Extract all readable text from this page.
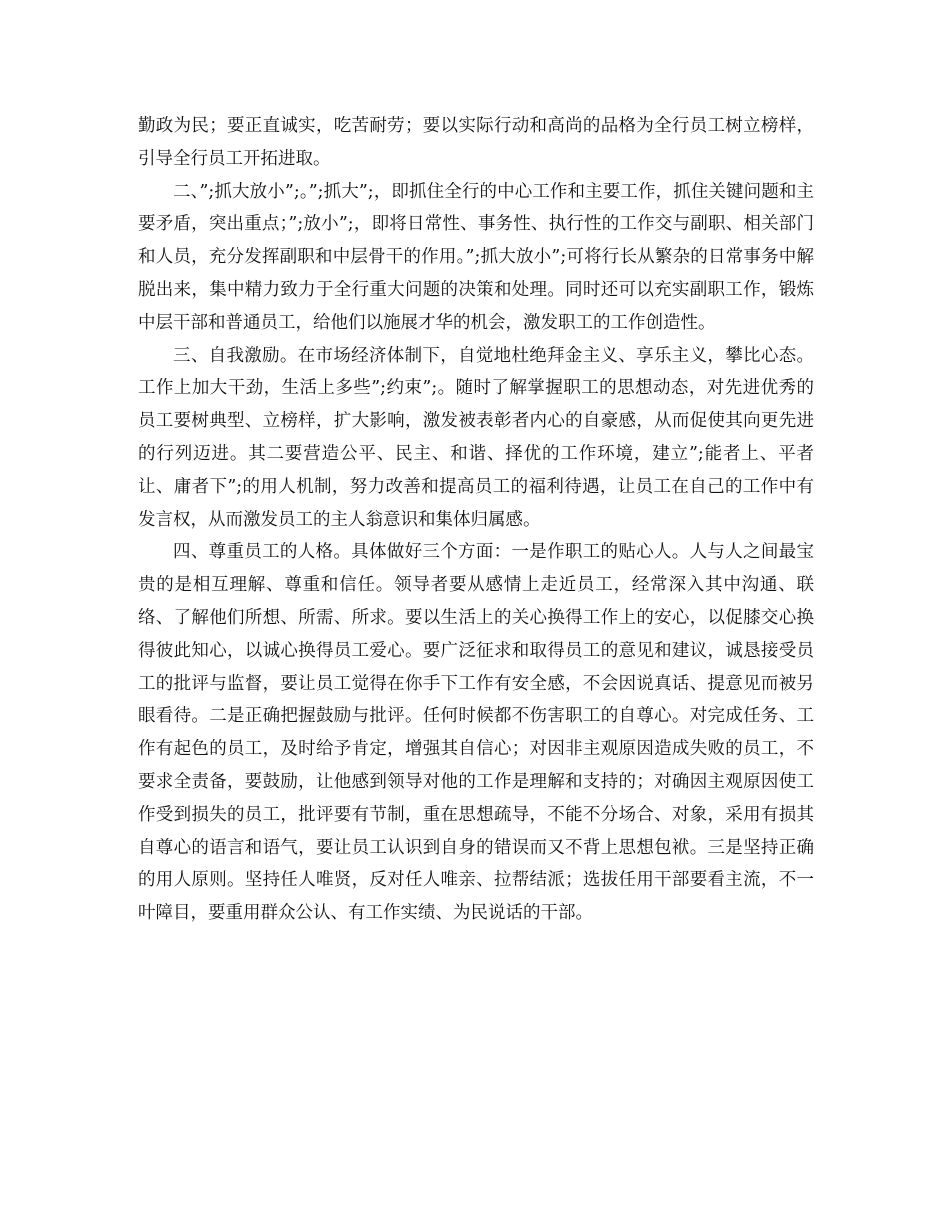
勤政为民；要正直诚实，吃苦耐劳；要以实际行动和高尚的品格为全行员工树立榜样，引导全行员工开拓进取。

二、”;抓大放小”;。”;抓大”;，即抓住全行的中心工作和主要工作，抓住关键问题和主要矛盾，突出重点；”;放小”;，即将日常性、事务性、执行性的工作交与副职、相关部门和人员，充分发挥副职和中层骨干的作用。”;抓大放小”;可将行长从繁杂的日常事务中解脱出来，集中精力致力于全行重大问题的决策和处理。同时还可以充实副职工作，锻炼中层干部和普通员工，给他们以施展才华的机会，激发职工的工作创造性。

三、自我激励。在市场经济体制下，自觉地杜绝拜金主义、享乐主义，攀比心态。工作上加大干劲，生活上多些”;约束”;。随时了解掌握职工的思想动态，对先进优秀的员工要树典型、立榜样，扩大影响，激发被表彰者内心的自豪感，从而促使其向更先进的行列迈进。其二要营造公平、民主、和谐、择优的工作环境，建立”;能者上、平者让、庸者下”;的用人机制，努力改善和提高员工的福利待遇，让员工在自己的工作中有发言权，从而激发员工的主人翁意识和集体归属感。

四、尊重员工的人格。具体做好三个方面：一是作职工的贴心人。人与人之间最宝贵的是相互理解、尊重和信任。领导者要从感情上走近员工，经常深入其中沟通、联络、了解他们所想、所需、所求。要以生活上的关心换得工作上的安心，以促膝交心换得彼此知心，以诚心换得员工爱心。要广泛征求和取得员工的意见和建议，诚恳接受员工的批评与监督，要让员工觉得在你手下工作有安全感，不会因说真话、提意见而被另眼看待。二是正确把握鼓励与批评。任何时候都不伤害职工的自尊心。对完成任务、工作有起色的员工，及时给予肯定，增强其自信心；对因非主观原因造成失败的员工，不要求全责备，要鼓励，让他感到领导对他的工作是理解和支持的；对确因主观原因使工作受到损失的员工，批评要有节制，重在思想疏导，不能不分场合、对象，采用有损其自尊心的语言和语气，要让员工认识到自身的错误而又不背上思想包袱。三是坚持正确的用人原则。坚持任人唯贤，反对任人唯亲、拉帮结派；选拔任用干部要看主流，不一叶障目，要重用群众公认、有工作实绩、为民说话的干部。
